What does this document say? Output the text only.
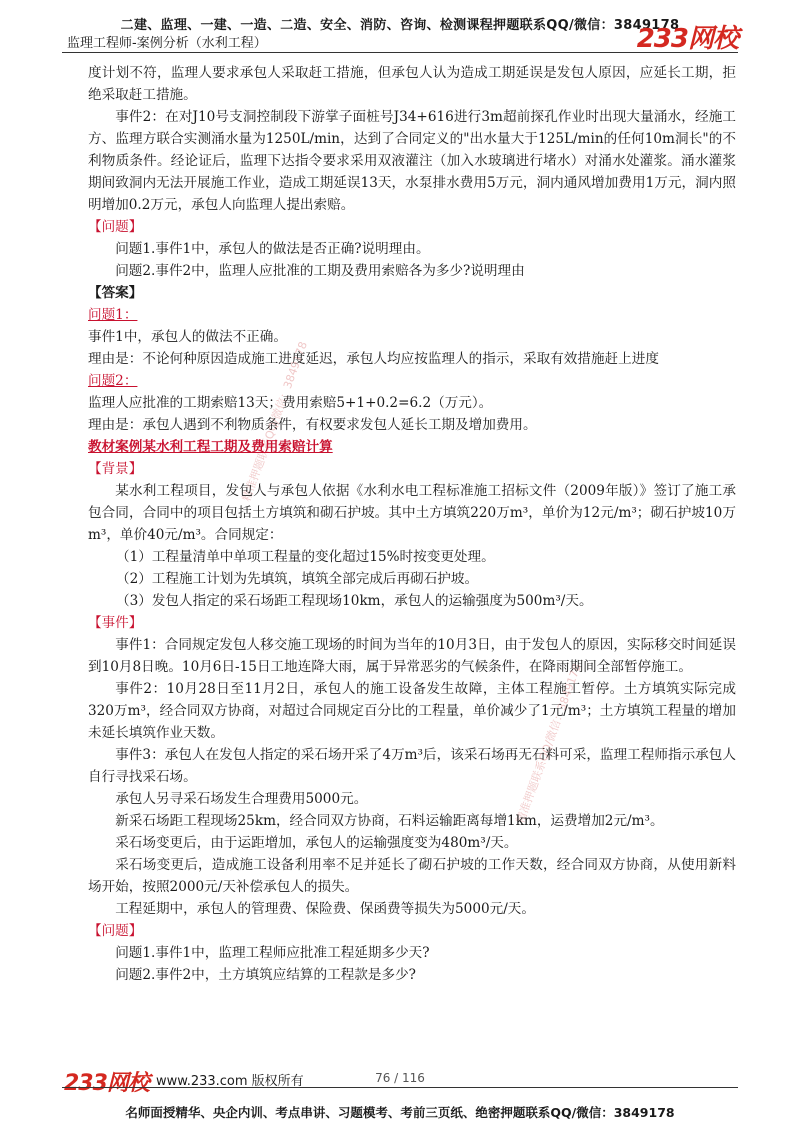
二建、监理、一建、一造、二造、安全、消防、咨询、检测课程押题联系QQ/微信：3849178
监理工程师-案例分析（水利工程）	233网校
精准押题联系QQ/微信：3849178
精准押题联系QQ/微信：3849178

度计划不符，监理人要求承包人采取赶工措施，但承包人认为造成工期延误是发包人原因，应延长工期，拒绝采取赶工措施。

事件2：在对J10号支洞控制段下游掌子面桩号J34+616进行3m超前探孔作业时出现大量涌水，经施工方、监理方联合实测涌水量为1250L/min，达到了合同定义的"出水量大于125L/min的任何10m洞长"的不利物质条件。经论证后，监理下达指令要求采用双液灌注（加入水玻璃进行堵水）对涌水处灌浆。涌水灌浆期间致洞内无法开展施工作业，造成工期延误13天，水泵排水费用5万元，洞内通风增加费用1万元，洞内照明增加0.2万元，承包人向监理人提出索赔。

【问题】

问题1.事件1中，承包人的做法是否正确?说明理由。

问题2.事件2中，监理人应批准的工期及费用索赔各为多少?说明理由

【答案】

问题1：

事件1中，承包人的做法不正确。

理由是：不论何种原因造成施工进度延迟，承包人均应按监理人的指示，采取有效措施赶上进度

问题2：

监理人应批准的工期索赔13天；费用索赔5+1+0.2=6.2（万元）。

理由是：承包人遇到不利物质条件，有权要求发包人延长工期及增加费用。

教材案例某水利工程工期及费用索赔计算

【背景】

某水利工程项目，发包人与承包人依据《水利水电工程标准施工招标文件（2009年版）》签订了施工承包合同，合同中的项目包括土方填筑和砌石护坡。其中土方填筑220万m³，单价为12元/m³；砌石护坡10万m³，单价40元/m³。合同规定：

（1）工程量清单中单项工程量的变化超过15%时按变更处理。

（2）工程施工计划为先填筑，填筑全部完成后再砌石护坡。

（3）发包人指定的采石场距工程现场10km，承包人的运输强度为500m³/天。

【事件】

事件1：合同规定发包人移交施工现场的时间为当年的10月3日，由于发包人的原因，实际移交时间延误到10月8日晚。10月6日-15日工地连降大雨，属于异常恶劣的气候条件，在降雨期间全部暂停施工。

事件2：10月28日至11月2日，承包人的施工设备发生故障，主体工程施工暂停。土方填筑实际完成320万m³，经合同双方协商，对超过合同规定百分比的工程量，单价减少了1元/m³；土方填筑工程量的增加未延长填筑作业天数。

事件3：承包人在发包人指定的采石场开采了4万m³后，该采石场再无石料可采，监理工程师指示承包人自行寻找采石场。

承包人另寻采石场发生合理费用5000元。

新采石场距工程现场25km，经合同双方协商，石料运输距离每增1km，运费增加2元/m³。

采石场变更后，由于运距增加，承包人的运输强度变为480m³/天。

采石场变更后，造成施工设备利用率不足并延长了砌石护坡的工作天数，经合同双方协商，从使用新料场开始，按照2000元/天补偿承包人的损失。

工程延期中，承包人的管理费、保险费、保函费等损失为5000元/天。

【问题】

问题1.事件1中，监理工程师应批准工程延期多少天?

问题2.事件2中，土方填筑应结算的工程款是多少?

233网校 www.233.com 版权所有	76 / 116
名师面授精华、央企内训、考点串讲、习题模考、考前三页纸、绝密押题联系QQ/微信：3849178
